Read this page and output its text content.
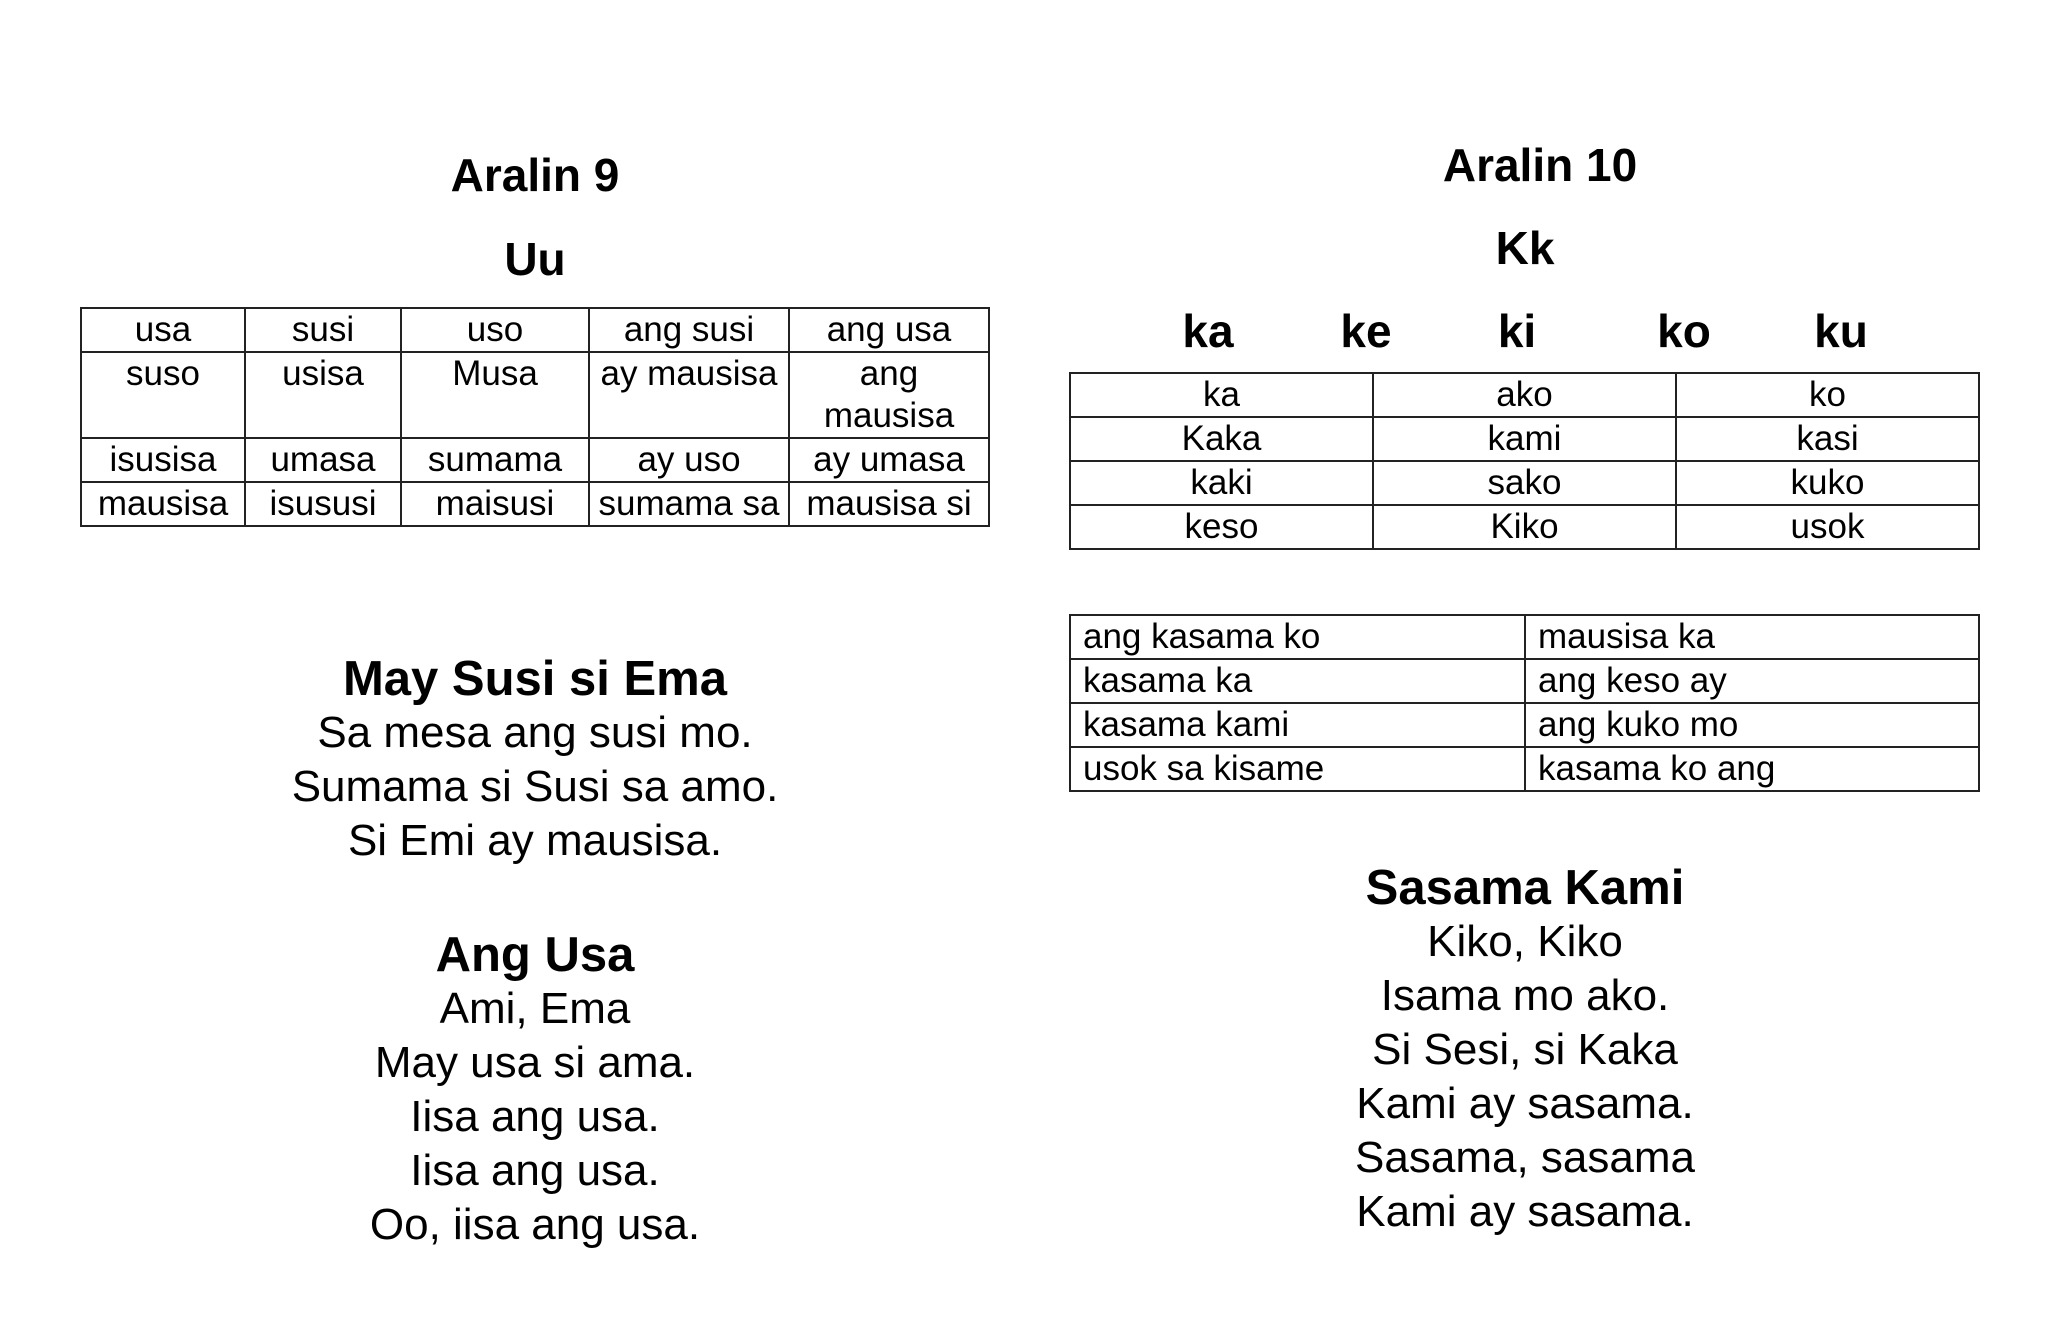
Aralin 9
Uu
usa	susi	uso	ang susi	ang usa
suso	usisa	Musa	ay mausisa	ang mausisa
isusisa	umasa	sumama	ay uso	ay umasa
mausisa	isususi	maisusi	sumama sa	mausisa si
May Susi si Ema
Sa mesa ang susi mo.
Sumama si Susi sa amo.
Si Emi ay mausisa.
Ang Usa
Ami, Ema
May usa si ama.
Iisa ang usa.
Iisa ang usa.
Oo, iisa ang usa.
Aralin 10
Kk
ka	ke	ki	ko ku
ka	ako	ko
Kaka	kami	kasi
kaki	sako	kuko
keso	Kiko	usok
ang kasama ko	mausisa ka
kasama ka	ang keso ay
kasama kami	ang kuko mo
usok sa kisame	kasama ko ang
Sasama Kami
Kiko, Kiko
Isama mo ako.
Si Sesi, si Kaka
Kami ay sasama.
Sasama, sasama
Kami ay sasama.
